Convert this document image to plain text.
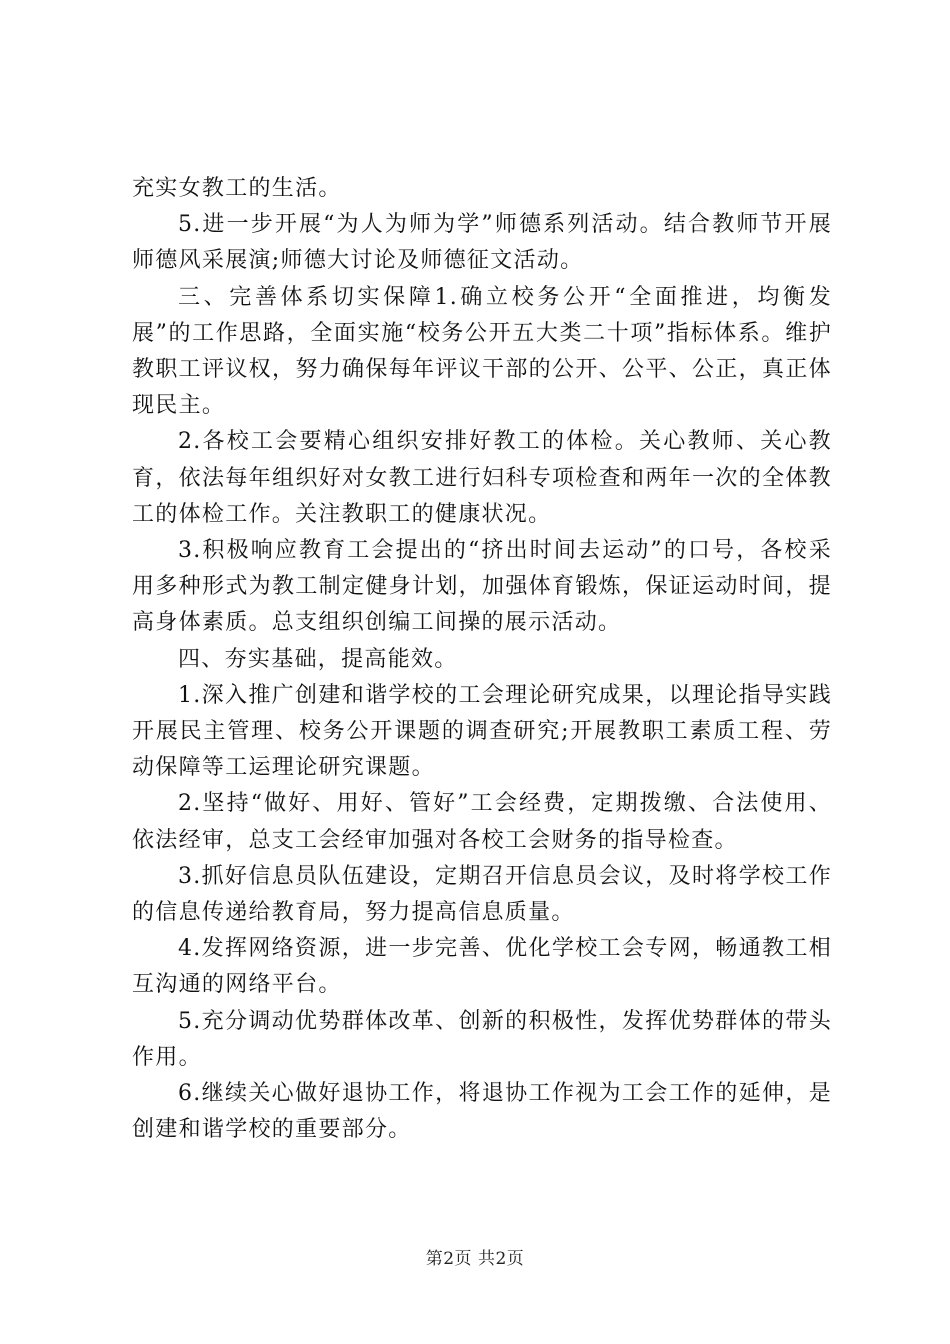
充实女教工的生活。

5.进一步开展“为人为师为学”师德系列活动。结合教师节开展师德风采展演;师德大讨论及师德征文活动。

三、完善体系切实保障1.确立校务公开“全面推进，均衡发展”的工作思路，全面实施“校务公开五大类二十项”指标体系。维护教职工评议权，努力确保每年评议干部的公开、公平、公正，真正体现民主。

2.各校工会要精心组织安排好教工的体检。关心教师、关心教育，依法每年组织好对女教工进行妇科专项检查和两年一次的全体教工的体检工作。关注教职工的健康状况。

3.积极响应教育工会提出的“挤出时间去运动”的口号，各校采用多种形式为教工制定健身计划，加强体育锻炼，保证运动时间，提高身体素质。总支组织创编工间操的展示活动。

四、夯实基础，提高能效。

1.深入推广创建和谐学校的工会理论研究成果，以理论指导实践开展民主管理、校务公开课题的调查研究;开展教职工素质工程、劳动保障等工运理论研究课题。

2.坚持“做好、用好、管好”工会经费，定期拨缴、合法使用、依法经审，总支工会经审加强对各校工会财务的指导检查。

3.抓好信息员队伍建设，定期召开信息员会议，及时将学校工作的信息传递给教育局，努力提高信息质量。

4.发挥网络资源，进一步完善、优化学校工会专网，畅通教工相互沟通的网络平台。

5.充分调动优势群体改革、创新的积极性，发挥优势群体的带头作用。

6.继续关心做好退协工作，将退协工作视为工会工作的延伸，是创建和谐学校的重要部分。

第2页 共2页
